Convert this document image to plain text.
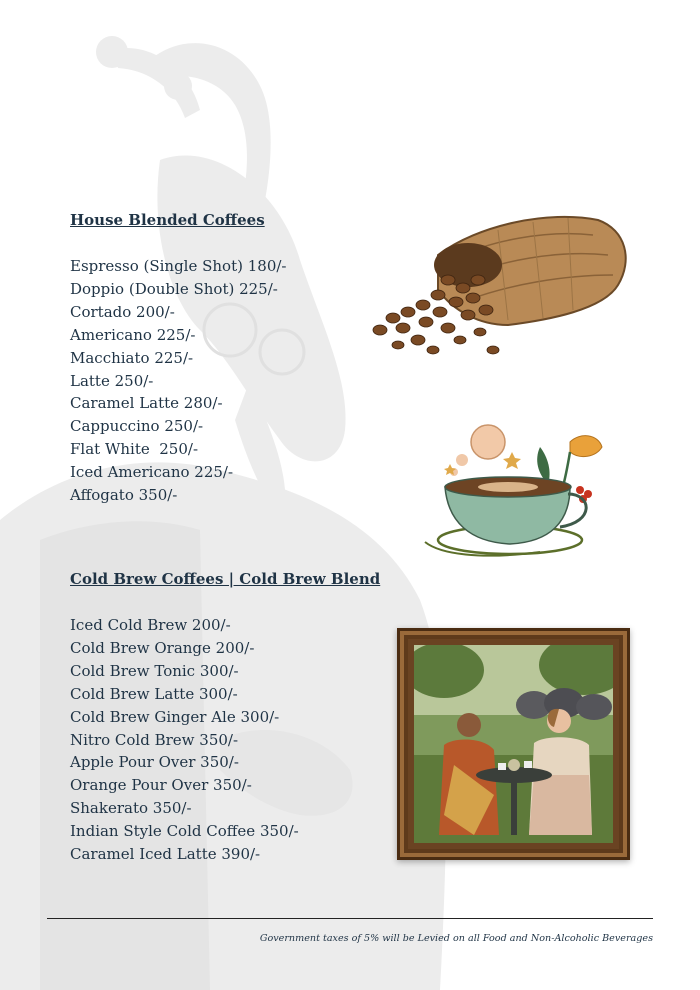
House Blended Coffees
Espresso (Single Shot) 180/-
Doppio (Double Shot) 225/-
Cortado 200/-
Americano 225/-
Macchiato 225/-
Latte 250/-
Caramel Latte 280/-
Cappuccino 250/-
Flat White  250/-
Iced Americano 225/-
Affogato 350/-
Cold Brew Coffees | Cold Brew Blend
Iced Cold Brew 200/-
Cold Brew Orange 200/-
Cold Brew Tonic 300/-
Cold Brew Latte 300/-
Cold Brew Ginger Ale 300/-
Nitro Cold Brew 350/-
Apple Pour Over 350/-
Orange Pour Over 350/-
Shakerato 350/-
Indian Style Cold Coffee 350/-
Caramel Iced Latte 390/-
Government taxes of 5% will be Levied on all Food and Non-Alcoholic Beverages
